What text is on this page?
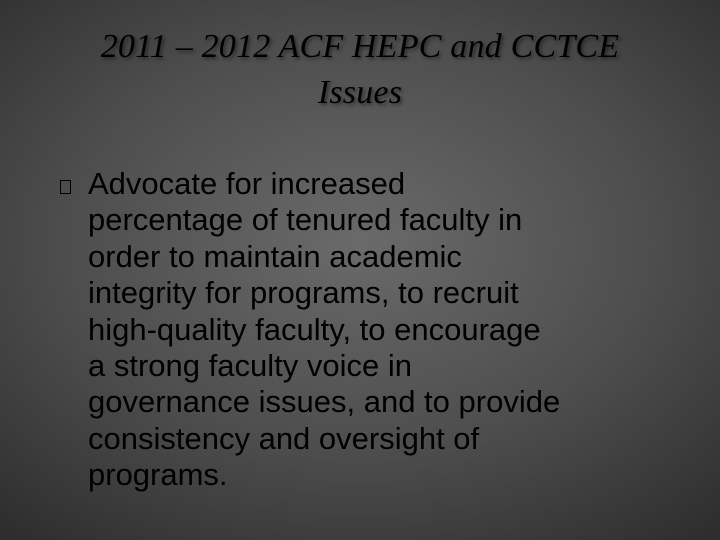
2011 – 2012 ACF HEPC and CCTCE
Issues
Advocate for increased
percentage of tenured faculty in
order to maintain academic
integrity for programs, to recruit
high-quality faculty, to encourage
a strong faculty voice in
governance issues, and to provide
consistency and oversight of
programs.
